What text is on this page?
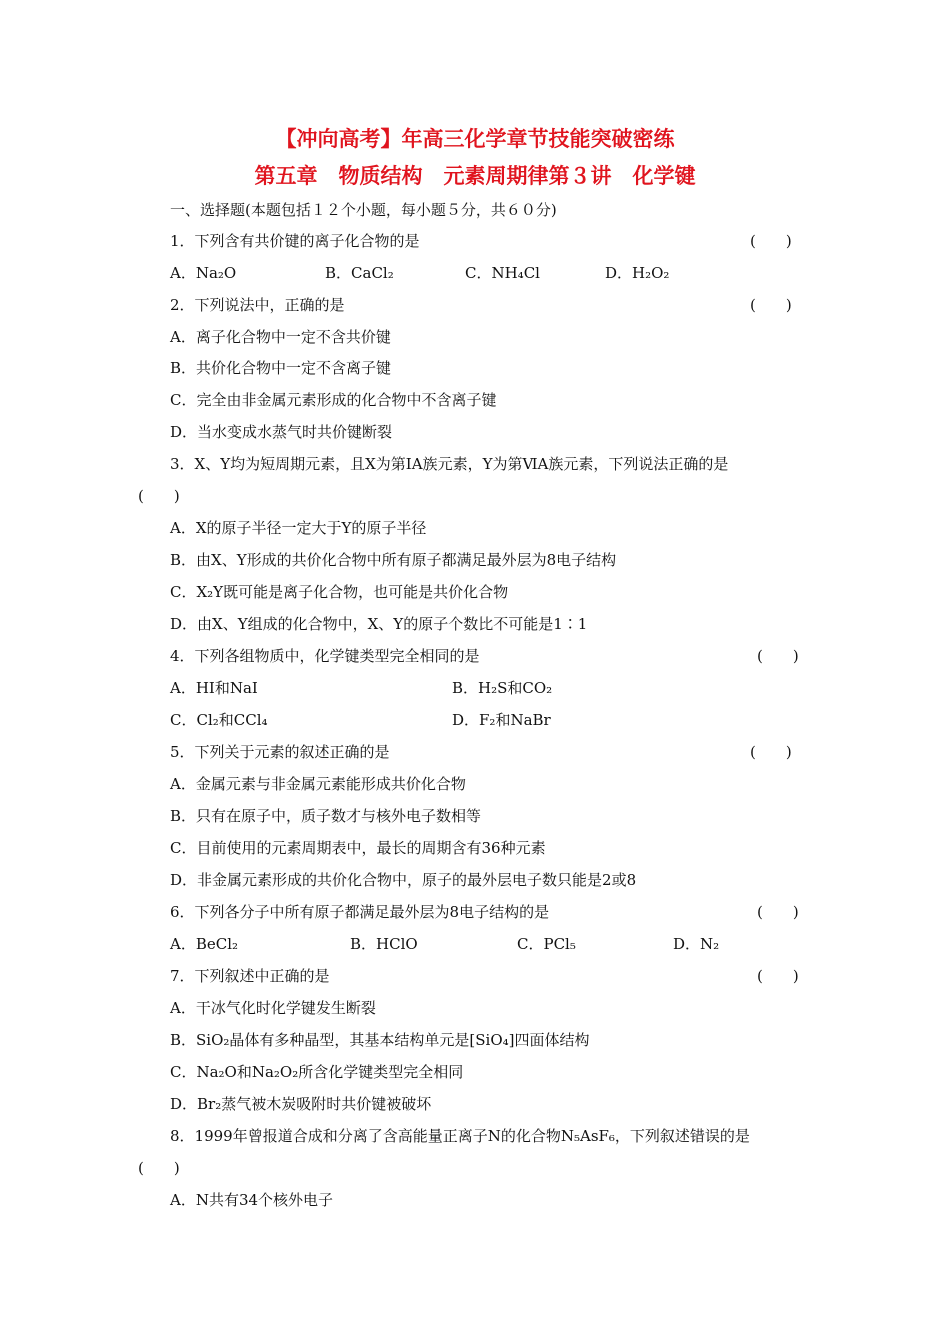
【冲向高考】年高三化学章节技能突破密练
第五章　物质结构　元素周期律第３讲　化学键
一、选择题(本题包括１２个小题，每小题５分，共６０分)
1．下列含有共价键的离子化合物的是	(　　)
A．Na₂O	B．CaCl₂	C．NH₄Cl	D．H₂O₂
2．下列说法中，正确的是	(　　)
A．离子化合物中一定不含共价键
B．共价化合物中一定不含离子键
C．完全由非金属元素形成的化合物中不含离子键
D．当水变成水蒸气时共价键断裂
3．X、Y均为短周期元素，且X为第ⅠA族元素，Y为第ⅥA族元素，下列说法正确的是
(　　)
A．X的原子半径一定大于Y的原子半径
B．由X、Y形成的共价化合物中所有原子都满足最外层为8电子结构
C．X₂Y既可能是离子化合物，也可能是共价化合物
D．由X、Y组成的化合物中，X、Y的原子个数比不可能是1∶1
4．下列各组物质中，化学键类型完全相同的是	(　　)
A．HI和NaI	B．H₂S和CO₂
C．Cl₂和CCl₄	D．F₂和NaBr
5．下列关于元素的叙述正确的是	(　　)
A．金属元素与非金属元素能形成共价化合物
B．只有在原子中，质子数才与核外电子数相等
C．目前使用的元素周期表中，最长的周期含有36种元素
D．非金属元素形成的共价化合物中，原子的最外层电子数只能是2或8
6．下列各分子中所有原子都满足最外层为8电子结构的是	(　　)
A．BeCl₂	B．HClO	C．PCl₅	D．N₂
7．下列叙述中正确的是	(　　)
A．干冰气化时化学键发生断裂
B．SiO₂晶体有多种晶型，其基本结构单元是[SiO₄]四面体结构
C．Na₂O和Na₂O₂所含化学键类型完全相同
D．Br₂蒸气被木炭吸附时共价键被破坏
8．1999年曾报道合成和分离了含高能量正离子N的化合物N₅AsF₆，下列叙述错误的是
(　　)
A．N共有34个核外电子
